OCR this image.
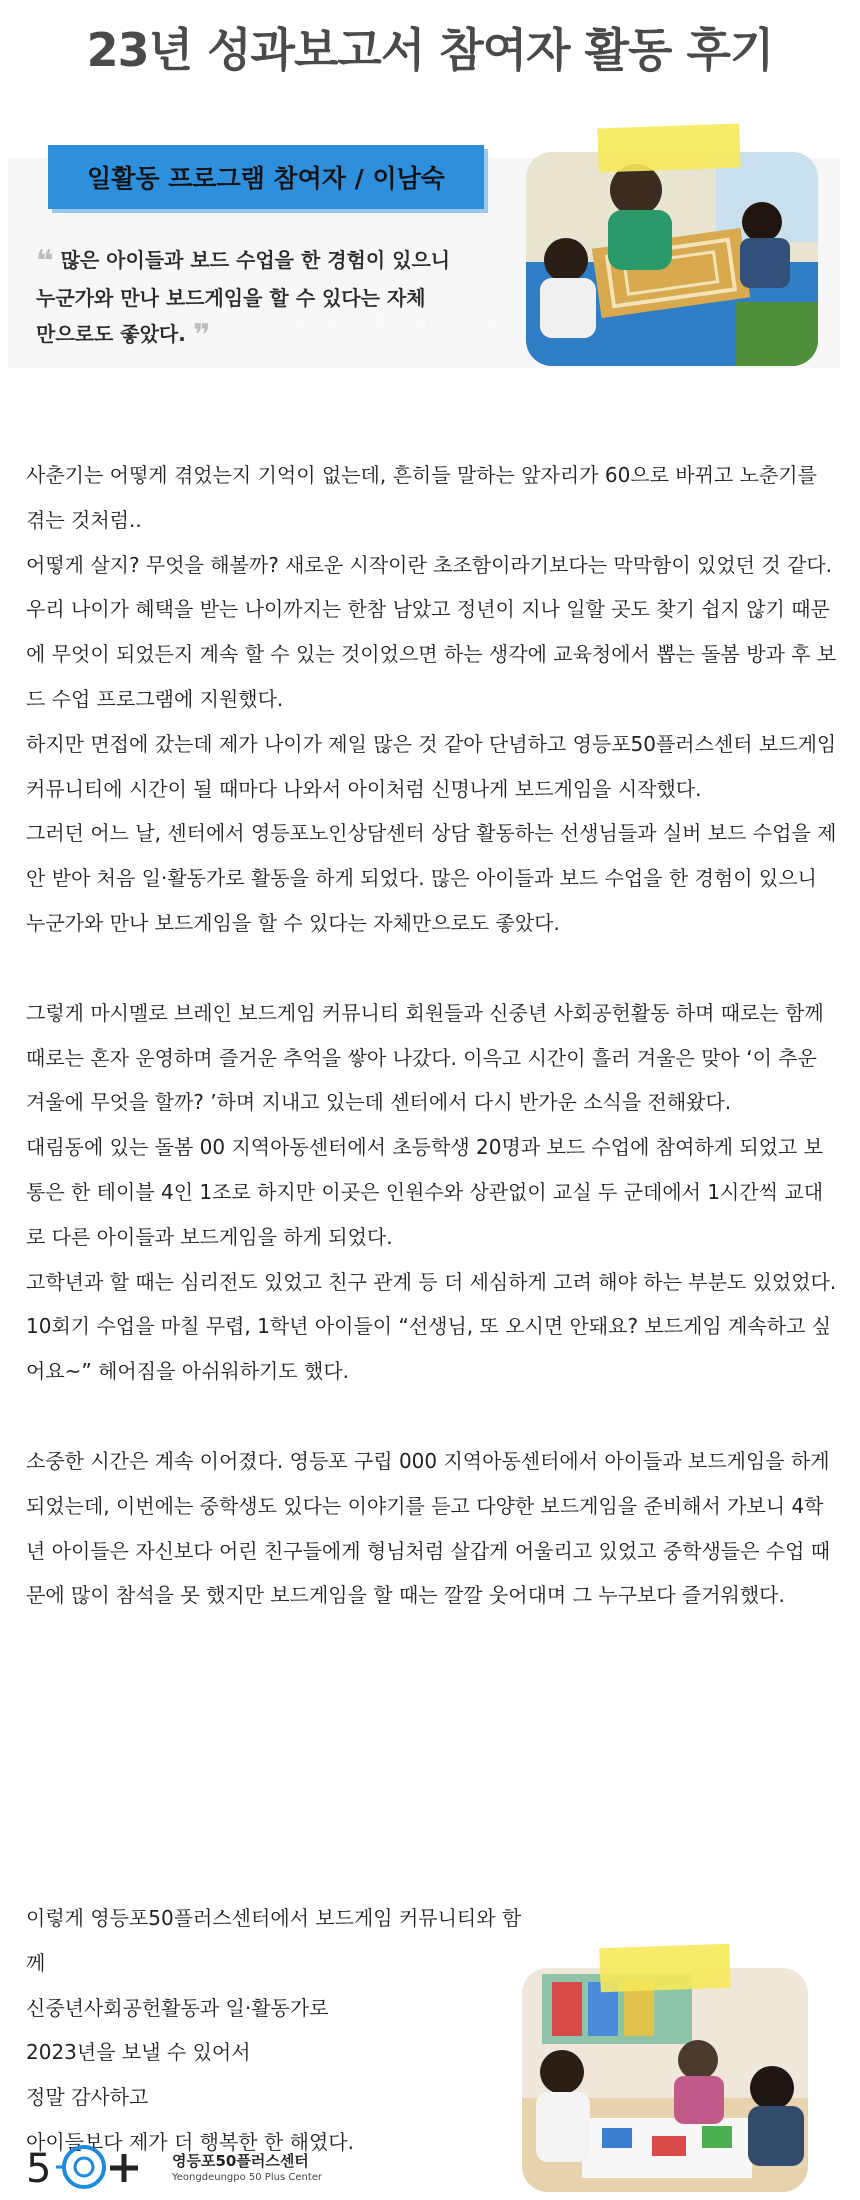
23년 성과보고서 참여자 활동 후기
일활동 프로그램 참여자 / 이남숙
❝ 많은 아이들과 보드 수업을 한 경험이 있으니
누군가와 만나 보드게임을 할 수 있다는 자체
만으로도 좋았다. ❞	보드게임을 할 수 있다는 자체

사춘기는 어떻게 겪었는지 기억이 없는데, 흔히들 말하는 앞자리가 60으로 바뀌고 노춘기를 겪는 것처럼..

어떻게 살지? 무엇을 해볼까? 새로운 시작이란 초조함이라기보다는 막막함이 있었던 것 같다.

우리 나이가 혜택을 받는 나이까지는 한참 남았고 정년이 지나 일할 곳도 찾기 쉽지 않기 때문에 무엇이 되었든지 계속 할 수 있는 것이었으면 하는 생각에 교육청에서 뽑는 돌봄 방과 후 보드 수업 프로그램에 지원했다.

하지만 면접에 갔는데 제가 나이가 제일 많은 것 같아 단념하고 영등포50플러스센터 보드게임 커뮤니티에 시간이 될 때마다 나와서 아이처럼 신명나게 보드게임을 시작했다.

그러던 어느 날, 센터에서 영등포노인상담센터 상담 활동하는 선생님들과 실버 보드 수업을 제안 받아 처음 일·활동가로 활동을 하게 되었다. 많은 아이들과 보드 수업을 한 경험이 있으니 누군가와 만나 보드게임을 할 수 있다는 자체만으로도 좋았다.

그렇게 마시멜로 브레인 보드게임 커뮤니티 회원들과 신중년 사회공헌활동 하며 때로는 함께 때로는 혼자 운영하며 즐거운 추억을 쌓아 나갔다. 이윽고 시간이 흘러 겨울은 맞아 ‘이 추운 겨울에 무엇을 할까? ’하며 지내고 있는데 센터에서 다시 반가운 소식을 전해왔다.

대림동에 있는 돌봄 00 지역아동센터에서 초등학생 20명과 보드 수업에 참여하게 되었고 보통은 한 테이블 4인 1조로 하지만 이곳은 인원수와 상관없이 교실 두 군데에서 1시간씩 교대로 다른 아이들과 보드게임을 하게 되었다.

고학년과 할 때는 심리전도 있었고 친구 관계 등 더 세심하게 고려 해야 하는 부분도 있었었다.

10회기 수업을 마칠 무렵, 1학년 아이들이 “선생님, 또 오시면 안돼요? 보드게임 계속하고 싶어요~” 헤어짐을 아쉬워하기도 했다.

소중한 시간은 계속 이어졌다. 영등포 구립 000 지역아동센터에서 아이들과 보드게임을 하게 되었는데, 이번에는 중학생도 있다는 이야기를 듣고 다양한 보드게임을 준비해서 가보니 4학년 아이들은 자신보다 어린 친구들에게 형님처럼 살갑게 어울리고 있었고 중학생들은 수업 때문에 많이 참석을 못 했지만 보드게임을 할 때는 깔깔 웃어대며 그 누구보다 즐거워했다.

이렇게 영등포50플러스센터에서 보드게임 커뮤니티와 함께

신중년사회공헌활동과 일·활동가로

2023년을 보낼 수 있어서

정말 감사하고

아이들보다 제가 더 행복한 한 해였다.

5	영등포50플러스센터
Yeongdeungpo 50 Plus Center
